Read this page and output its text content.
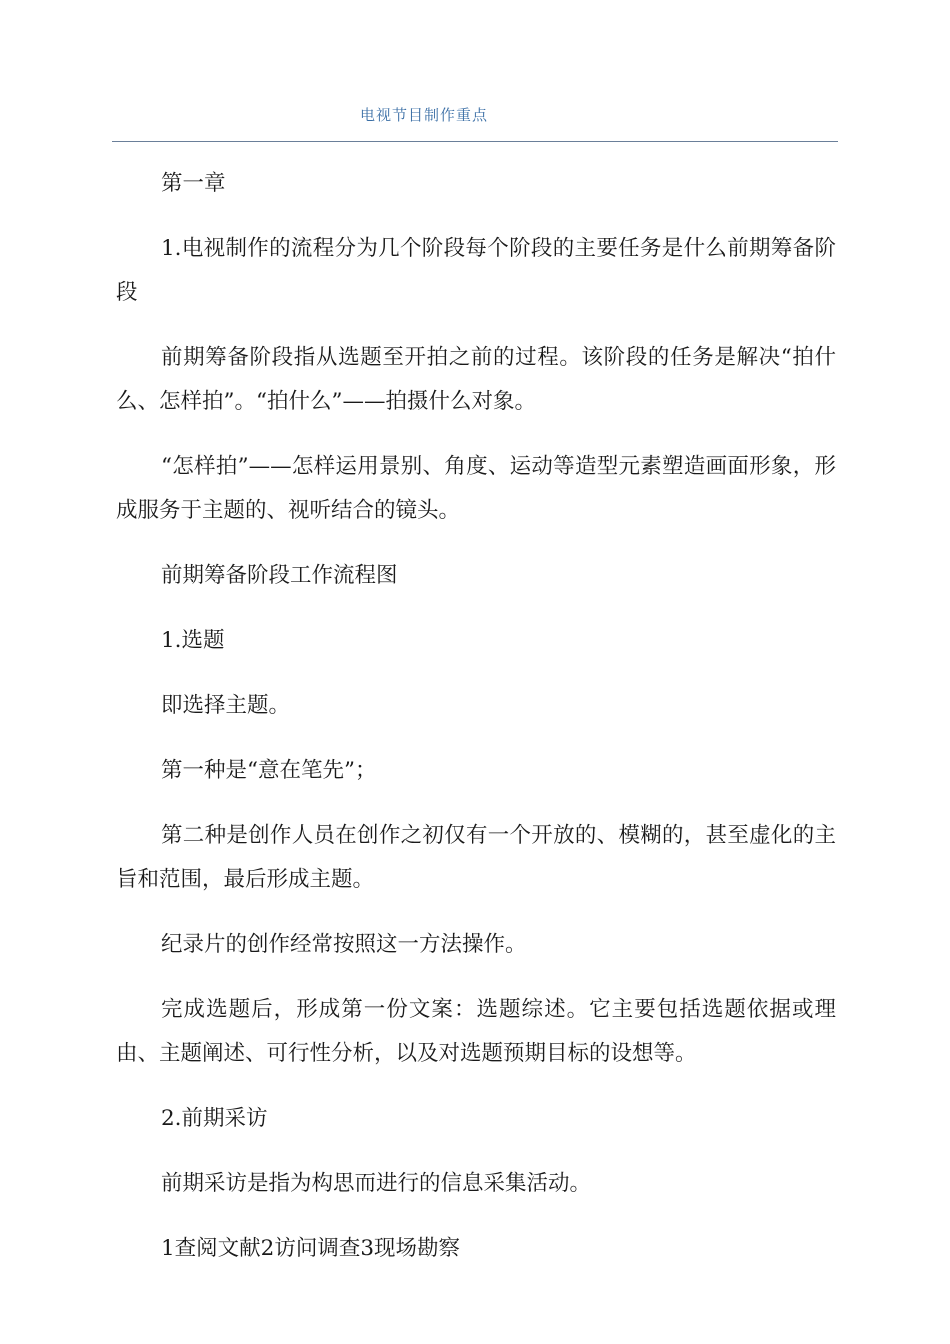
电视节目制作重点

第一章

1.电视制作的流程分为几个阶段每个阶段的主要任务是什么前期筹备阶段

前期筹备阶段指从选题至开拍之前的过程。该阶段的任务是解决“拍什么、怎样拍”。“拍什么”——拍摄什么对象。

“怎样拍”——怎样运用景别、角度、运动等造型元素塑造画面形象，形成服务于主题的、视听结合的镜头。

前期筹备阶段工作流程图

1.选题

即选择主题。

第一种是“意在笔先”；

第二种是创作人员在创作之初仅有一个开放的、模糊的，甚至虚化的主旨和范围，最后形成主题。

纪录片的创作经常按照这一方法操作。

完成选题后，形成第一份文案：选题综述。它主要包括选题依据或理由、主题阐述、可行性分析，以及对选题预期目标的设想等。

2.前期采访

前期采访是指为构思而进行的信息采集活动。

1查阅文献2访问调查3现场勘察
